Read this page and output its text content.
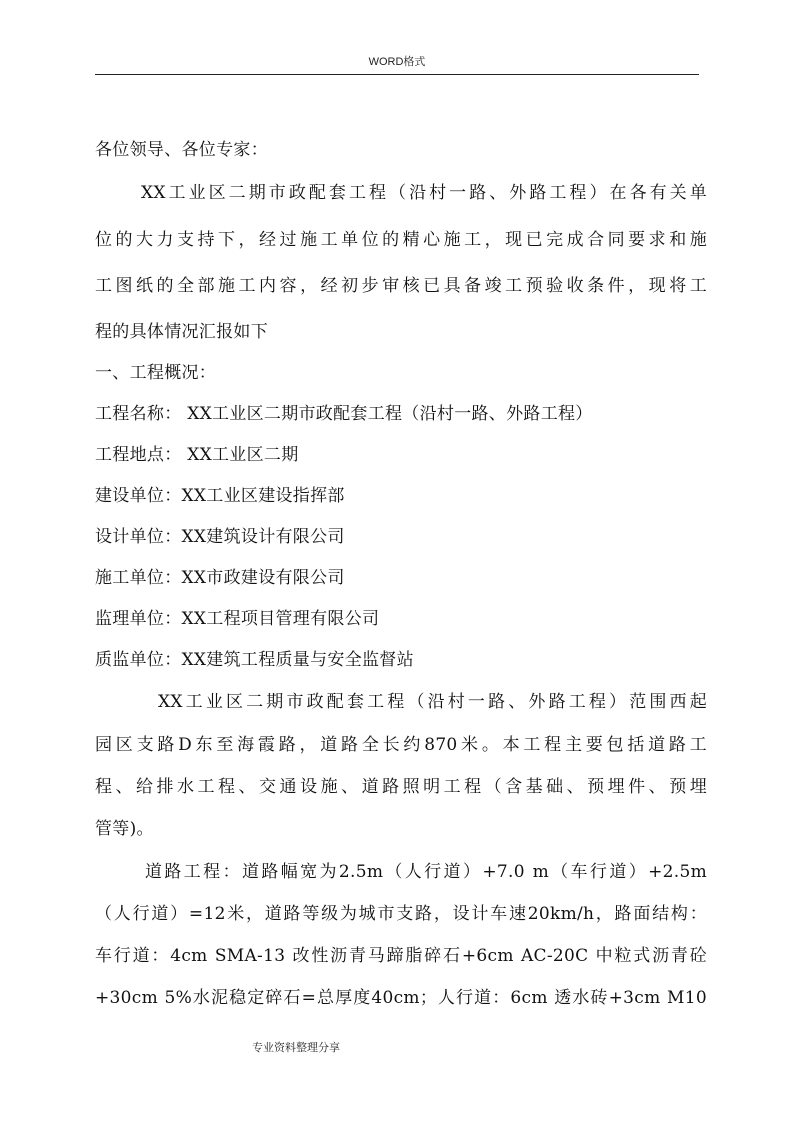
WORD格式
各位领导、各位专家：
XX工业区二期市政配套工程（沿村一路、外路工程）在各有关单
位的大力支持下，经过施工单位的精心施工，现已完成合同要求和施
工图纸的全部施工内容，经初步审核已具备竣工预验收条件，现将工
程的具体情况汇报如下
一、工程概况：
工程名称： XX工业区二期市政配套工程（沿村一路、外路工程）
工程地点： XX工业区二期
建设单位：XX工业区建设指挥部
设计单位：XX建筑设计有限公司
施工单位：XX市政建设有限公司
监理单位：XX工程项目管理有限公司
质监单位：XX建筑工程质量与安全监督站
XX工业区二期市政配套工程（沿村一路、外路工程）范围西起
园区支路D东至海霞路，道路全长约870米。本工程主要包括道路工
程、给排水工程、交通设施、道路照明工程（含基础、预埋件、预埋
管等)。
道路工程：道路幅宽为2.5m（人行道）+7.0 m（车行道）+2.5m
（人行道）=12米，道路等级为城市支路，设计车速20km/h，路面结构：
车行道：4cm SMA-13 改性沥青马蹄脂碎石+6cm AC-20C 中粒式沥青砼
+30cm 5%水泥稳定碎石=总厚度40cm；人行道：6cm 透水砖+3cm M10
专业资料整理分享
